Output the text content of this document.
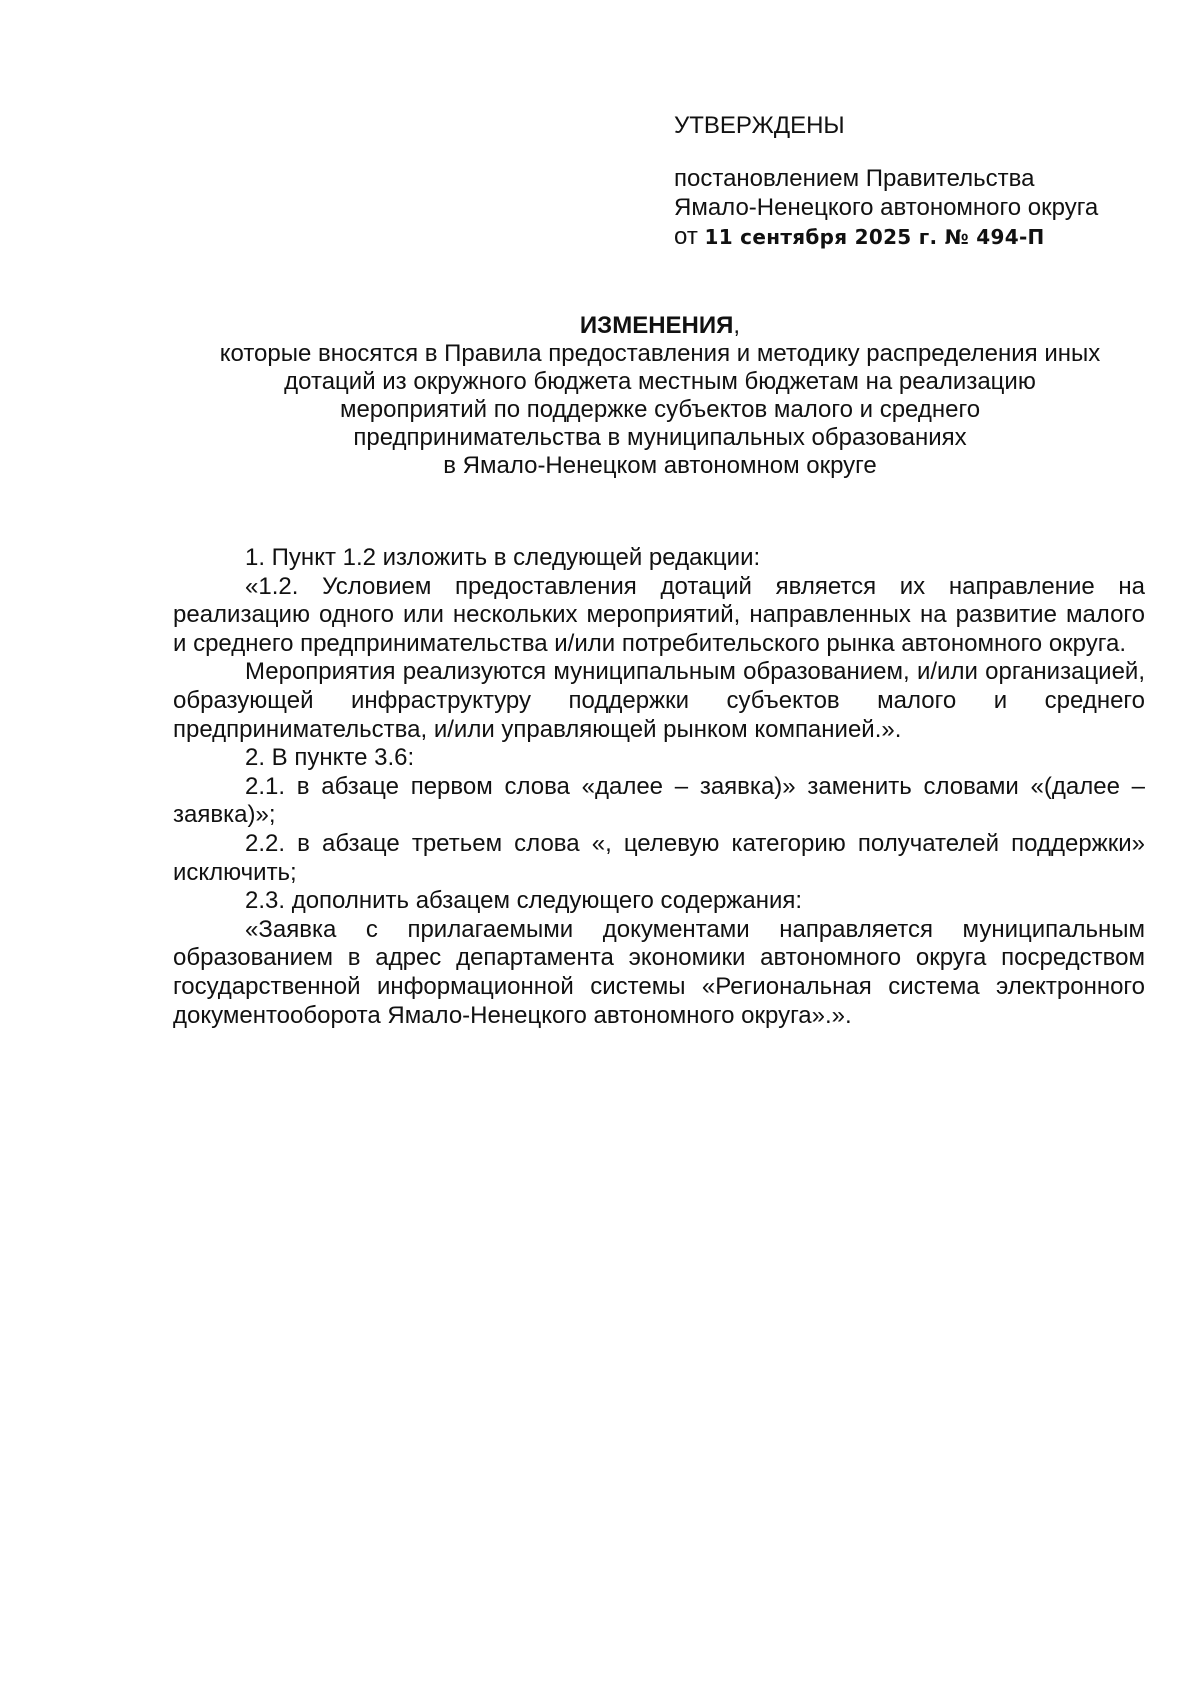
УТВЕРЖДЕНЫ
постановлением Правительства
Ямало-Ненецкого автономного округа
от 11 сентября 2025 г. № 494-П
ИЗМЕНЕНИЯ,
которые вносятся в Правила предоставления и методику распределения иных
дотаций из окружного бюджета местным бюджетам на реализацию
мероприятий по поддержке субъектов малого и среднего
предпринимательства в муниципальных образованиях
в Ямало-Ненецком автономном округе

1. Пункт 1.2 изложить в следующей редакции:

«1.2. Условием предоставления дотаций является их направление на реализацию одного или нескольких мероприятий, направленных на развитие малого и среднего предпринимательства и/или потребительского рынка автономного округа.

Мероприятия реализуются муниципальным образованием, и/или организацией, образующей инфраструктуру поддержки субъектов малого и среднего предпринимательства, и/или управляющей рынком компанией.».

2. В пункте 3.6:

2.1. в абзаце первом слова «далее – заявка)» заменить словами «(далее – заявка)»;

2.2. в абзаце третьем слова «, целевую категорию получателей поддержки» исключить;

2.3. дополнить абзацем следующего содержания:

«Заявка с прилагаемыми документами направляется муниципальным образованием в адрес департамента экономики автономного округа посредством государственной информационной системы «Региональная система электронного документооборота Ямало-Ненецкого автономного округа».».
